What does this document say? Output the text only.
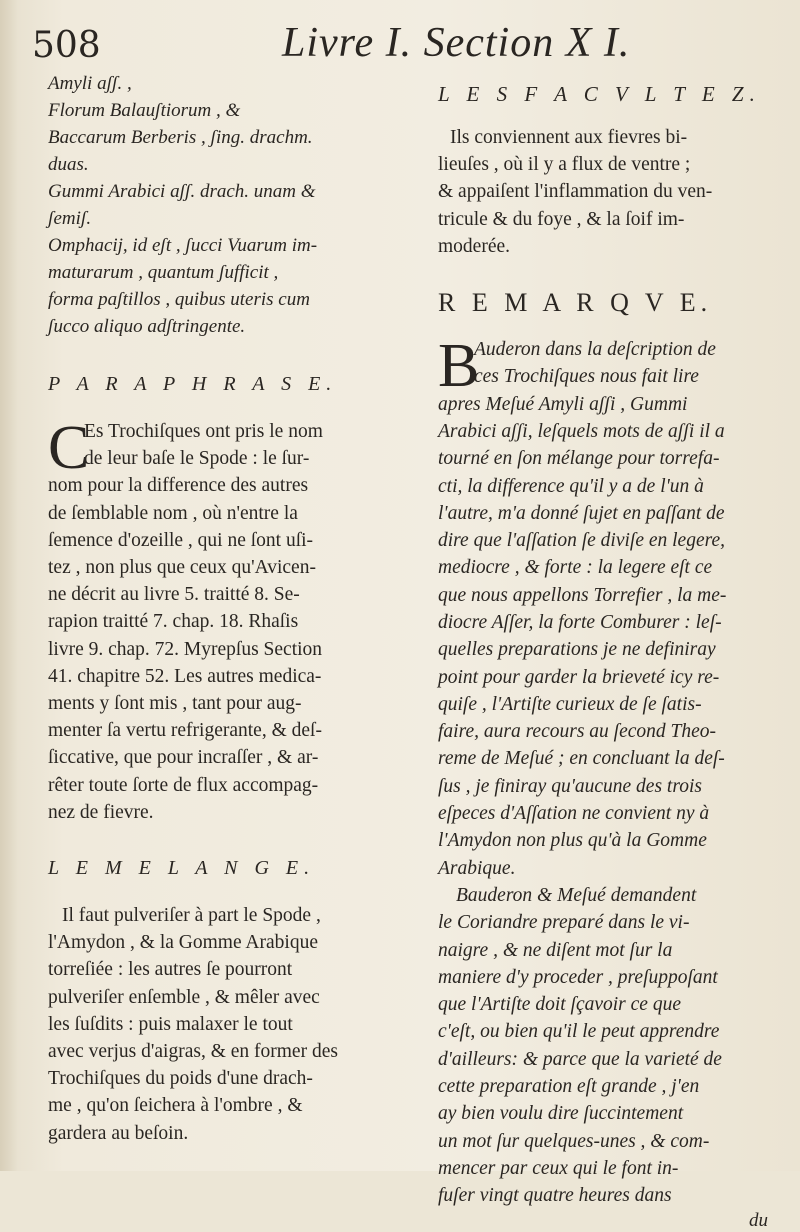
508	Livre I. Section X I.

Amyli aʃʃ. ,
Florum Balauʃtiorum , &
Baccarum Berberis , ʃing. drachm.
duas.
Gummi Arabici aʃʃ. drach. unam &
ʃemiʃ.
Omphacij, id eʃt , ʃucci Vuarum im-
maturarum , quantum ʃufficit ,
forma paʃtillos , quibus uteris cum
ʃucco aliquo adʃtringente.

P A R A P H R A S E.

C

Es Trochiſques ont pris le nom
de leur baſe le Spode : le ſur-
nom pour la difference des autres
de ſemblable nom , où n'entre la
ſemence d'ozeille , qui ne ſont uſi-
tez , non plus que ceux qu'Avicen-
ne décrit au livre 5. traitté 8. Se-
rapion traitté 7. chap. 18. Rhaſis
livre 9. chap. 72. Myrepſus Section
41. chapitre 52. Les autres medica-
ments y ſont mis , tant pour aug-
menter ſa vertu refrigerante, & deſ-
ſiccative, que pour incraſſer , & ar-
rêter toute ſorte de flux accompag-
nez de fievre.

L E M E L A N G E.

Il faut pulveriſer à part le Spode ,
l'Amydon , & la Gomme Arabique
torreſiée : les autres ſe pourront
pulveriſer enſemble , & mêler avec
les ſuſdits : puis malaxer le tout
avec verjus d'aigras, & en former des
Trochiſques du poids d'une drach-
me , qu'on ſeichera à l'ombre , &
gardera au beſoin.

L E S F A C V L T E Z.

Ils conviennent aux fievres bi-
lieuſes , où il y a flux de ventre ;
& appaiſent l'inflammation du ven-
tricule & du foye , & la ſoif im-
moderée.

R E M A R Q V E.

B

Auderon dans la deſcription de
ces Trochiſques nous fait lire
apres Meſué Amyli aʃʃi , Gummi
Arabici aʃʃi, leſquels mots de aʃʃi il a
tourné en ſon mélange pour torrefa-
cti, la difference qu'il y a de l'un à
l'autre, m'a donné ſujet en paſſant de
dire que l'aſſation ſe diviſe en legere,
mediocre , & forte : la legere eſt ce
que nous appellons Torrefier , la me-
diocre Aſſer, la forte Comburer : leſ-
quelles preparations je ne definiray
point pour garder la brieveté icy re-
quiſe , l'Artiſte curieux de ſe ſatis-
faire, aura recours au ſecond Theo-
reme de Meſué ; en concluant la deſ-
ſus , je finiray qu'aucune des trois
eſpeces d'Aſſation ne convient ny à
l'Amydon non plus qu'à la Gomme
Arabique.
Bauderon & Meſué demandent
le Coriandre preparé dans le vi-
naigre , & ne diſent mot ſur la
maniere d'y proceder , preſuppoſant
que l'Artiſte doit ſçavoir ce que
c'eſt, ou bien qu'il le peut apprendre
d'ailleurs: & parce que la varieté de
cette preparation eſt grande , j'en
ay bien voulu dire ſuccintement
un mot ſur quelques-unes , & com-
mencer par ceux qui le font in-
fuſer vingt quatre heures dans

du
